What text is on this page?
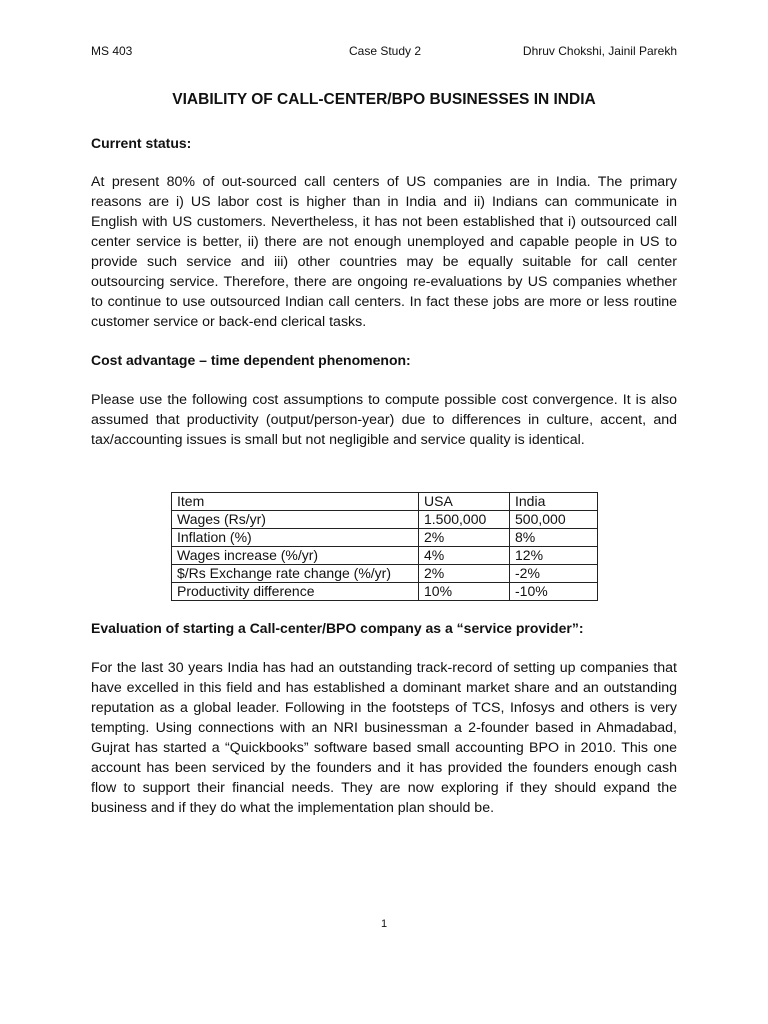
MS 403	Case Study 2	Dhruv Chokshi, Jainil Parekh
VIABILITY OF CALL-CENTER/BPO BUSINESSES IN INDIA
Current status:

At present 80% of out-sourced call centers of US companies are in India. The primary reasons are i) US labor cost is higher than in India and ii) Indians can communicate in English with US customers. Nevertheless, it has not been established that i) outsourced call center service is better, ii) there are not enough unemployed and capable people in US to provide such service and iii) other countries may be equally suitable for call center outsourcing service. Therefore, there are ongoing re-evaluations by US companies whether to continue to use outsourced Indian call centers. In fact these jobs are more or less routine customer service or back-end clerical tasks.

Cost advantage – time dependent phenomenon:

Please use the following cost assumptions to compute possible cost convergence. It is also assumed that productivity (output/person-year) due to differences in culture, accent, and tax/accounting issues is small but not negligible and service quality is identical.

Item	USA	India
Wages (Rs/yr)	1.500,000	500,000
Inflation (%)	2%	8%
Wages increase (%/yr)	4%	12%
$/Rs Exchange rate change (%/yr)	2%	-2%
Productivity difference	10%	-10%
Evaluation of starting a Call-center/BPO company as a “service provider”:

For the last 30 years India has had an outstanding track-record of setting up companies that have excelled in this field and has established a dominant market share and an outstanding reputation as a global leader. Following in the footsteps of TCS, Infosys and others is very tempting. Using connections with an NRI businessman a 2-founder based in Ahmadabad, Gujrat has started a “Quickbooks” software based small accounting BPO in 2010. This one account has been serviced by the founders and it has provided the founders enough cash flow to support their financial needs. They are now exploring if they should expand the business and if they do what the implementation plan should be.

1
